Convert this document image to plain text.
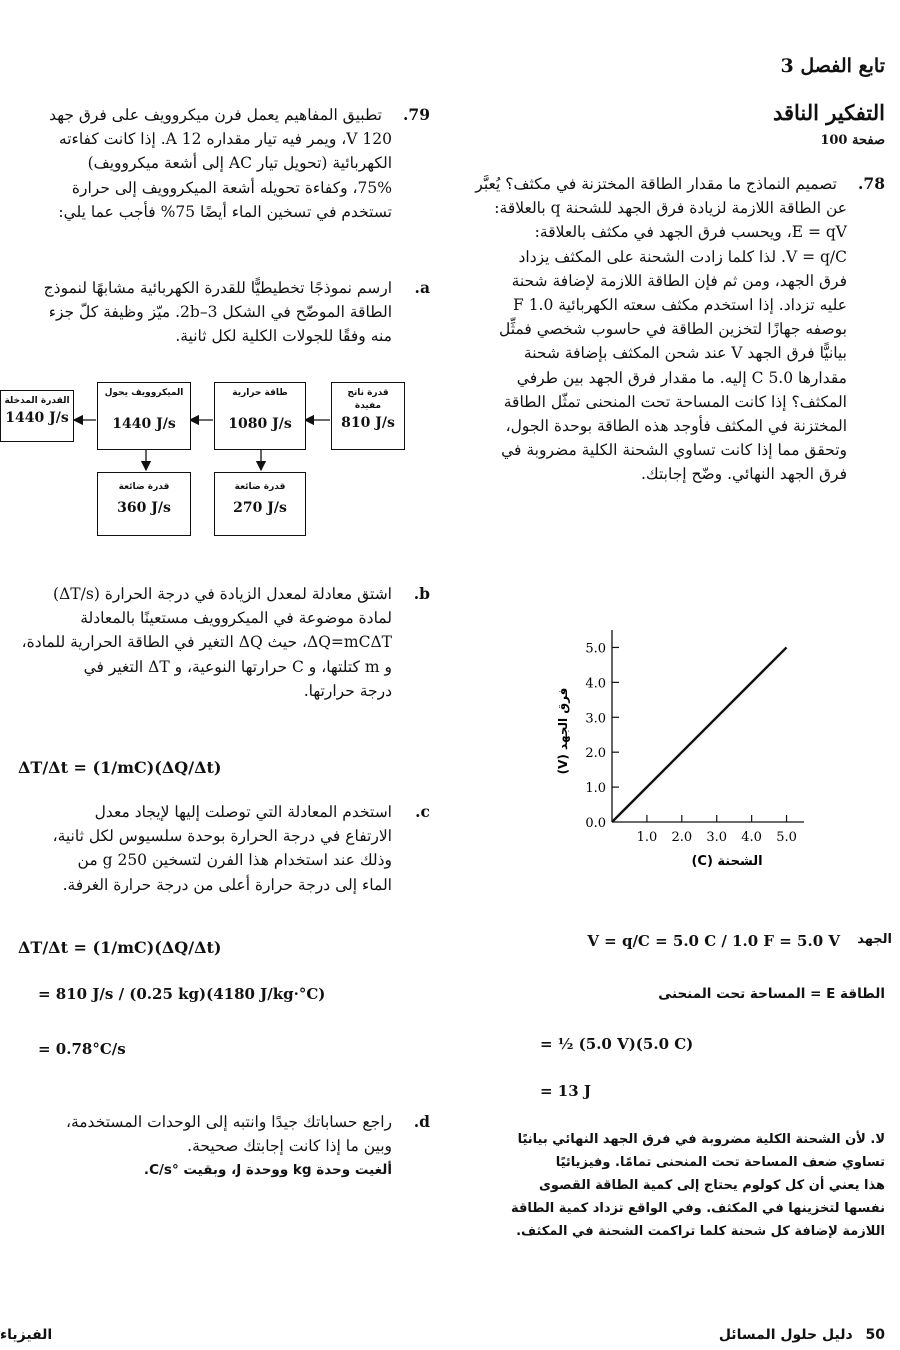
تابع الفصل 3
التفكير الناقد
صفحة 100
78.
تصميم النماذج ما مقدار الطاقة المختزنة في مكثف؟ يُعبَّر
عن الطاقة اللازمة لزيادة فرق الجهد للشحنة q بالعلاقة:
E = qV، ويحسب فرق الجهد في مكثف بالعلاقة:
V = q/C. لذا كلما زادت الشحنة على المكثف يزداد
فرق الجهد، ومن ثم فإن الطاقة اللازمة لإضافة شحنة
عليه تزداد. إذا استخدم مكثف سعته الكهربائية 1.0 F
بوصفه جهازًا لتخزين الطاقة في حاسوب شخصي فمثِّل
بيانيًّا فرق الجهد V عند شحن المكثف بإضافة شحنة
مقدارها 5.0 C إليه. ما مقدار فرق الجهد بين طرفي
المكثف؟ إذا كانت المساحة تحت المنحنى تمثّل الطاقة
المختزنة في المكثف فأوجد هذه الطاقة بوحدة الجول،
وتحقق مما إذا كانت تساوي الشحنة الكلية مضروبة في
فرق الجهد النهائي. وضّح إجابتك.
1.0 2.0 3.0 4.0 5.0
0.0
1.0
2.0
3.0
4.0
5.0
الشحنة (C)
فرق الجهد (V)
الجهد
V = q/C = 5.0 C / 1.0 F = 5.0 V
الطاقة E = المساحة تحت المنحنى
= ½ (5.0 V)(5.0 C)
= 13 J
لا. لأن الشحنة الكلية مضروبة في فرق الجهد النهائي بيانيًا
تساوي ضعف المساحة تحت المنحنى تمامًا. وفيزيائيًا
هذا يعني أن كل كولوم يحتاج إلى كمية الطاقة القصوى
نفسها لتخزينها في المكثف. وفي الواقع تزداد كمية الطاقة
اللازمة لإضافة كل شحنة كلما تراكمت الشحنة في المكثف.
79.
تطبيق المفاهيم يعمل فرن ميكروويف على فرق جهد
120 V، ويمر فيه تيار مقداره 12 A. إذا كانت كفاءته
الكهربائية (تحويل تيار AC إلى أشعة ميكروويف)
75%، وكفاءة تحويله أشعة الميكروويف إلى حرارة
تستخدم في تسخين الماء أيضًا 75% فأجب عما يلي:
a.
ارسم نموذجًا تخطيطيًّا للقدرة الكهربائية مشابهًا لنموذج
الطاقة الموضّح في الشكل 2b–3. ميّز وظيفة كلّ جزء
منه وفقًا للجولات الكلية لكل ثانية.
القدرة المدخلة
1440 J/s
الميكروويف يحول
1440 J/s
طاقة حرارية
1080 J/s
قدرة ناتج مفيدة
810 J/s
قدرة ضائعة
360 J/s
قدرة ضائعة
270 J/s
b.
اشتق معادلة لمعدل الزيادة في درجة الحرارة (ΔT/s)
لمادة موضوعة في الميكروويف مستعينًا بالمعادلة
ΔQ=mCΔT، حيث ΔQ التغير في الطاقة الحرارية للمادة،
و m كتلتها، و C حرارتها النوعية، و ΔT التغير في
درجة حرارتها.
ΔT/Δt = (1/mC)(ΔQ/Δt)
c.
استخدم المعادلة التي توصلت إليها لإيجاد معدل
الارتفاع في درجة الحرارة بوحدة سلسيوس لكل ثانية،
وذلك عند استخدام هذا الفرن لتسخين 250 g من
الماء إلى درجة حرارة أعلى من درجة حرارة الغرفة.
ΔT/Δt = (1/mC)(ΔQ/Δt)
= 810 J/s / (0.25 kg)(4180 J/kg·°C)
= 0.78°C/s
d.
راجع حساباتك جيدًا وانتبه إلى الوحدات المستخدمة،
وبين ما إذا كانت إجابتك صحيحة.
ألغيت وحدة kg ووحدة J، وبقيت °C/s.
50 دليل حلول المسائل
الفيزياء
